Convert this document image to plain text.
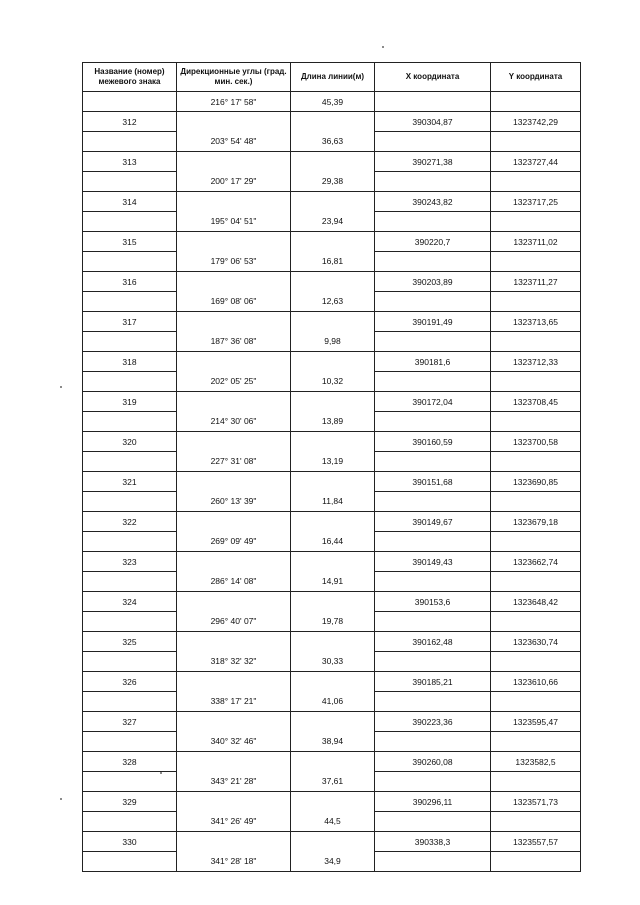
Название (номер) межевого знака	Дирекционные углы (град. мин. сек.)	Длина линии(м)	X координата	Y координата
	216° 17' 58"	45,39		
312			390304,87	1323742,29
	203° 54' 48"	36,63		
313			390271,38	1323727,44
	200° 17' 29"	29,38		
314			390243,82	1323717,25
	195° 04' 51"	23,94		
315			390220,7	1323711,02
	179° 06' 53"	16,81		
316			390203,89	1323711,27
	169° 08' 06"	12,63		
317			390191,49	1323713,65
	187° 36' 08"	9,98		
318			390181,6	1323712,33
	202° 05' 25"	10,32		
319			390172,04	1323708,45
	214° 30' 06"	13,89		
320			390160,59	1323700,58
	227° 31' 08"	13,19		
321			390151,68	1323690,85
	260° 13' 39"	11,84		
322			390149,67	1323679,18
	269° 09' 49"	16,44		
323			390149,43	1323662,74
	286° 14' 08"	14,91		
324			390153,6	1323648,42
	296° 40' 07"	19,78		
325			390162,48	1323630,74
	318° 32' 32"	30,33		
326			390185,21	1323610,66
	338° 17' 21"	41,06		
327			390223,36	1323595,47
	340° 32' 46"	38,94		
328			390260,08	1323582,5
	343° 21' 28"	37,61		
329			390296,11	1323571,73
	341° 26' 49"	44,5		
330			390338,3	1323557,57
	341° 28' 18"	34,9		
